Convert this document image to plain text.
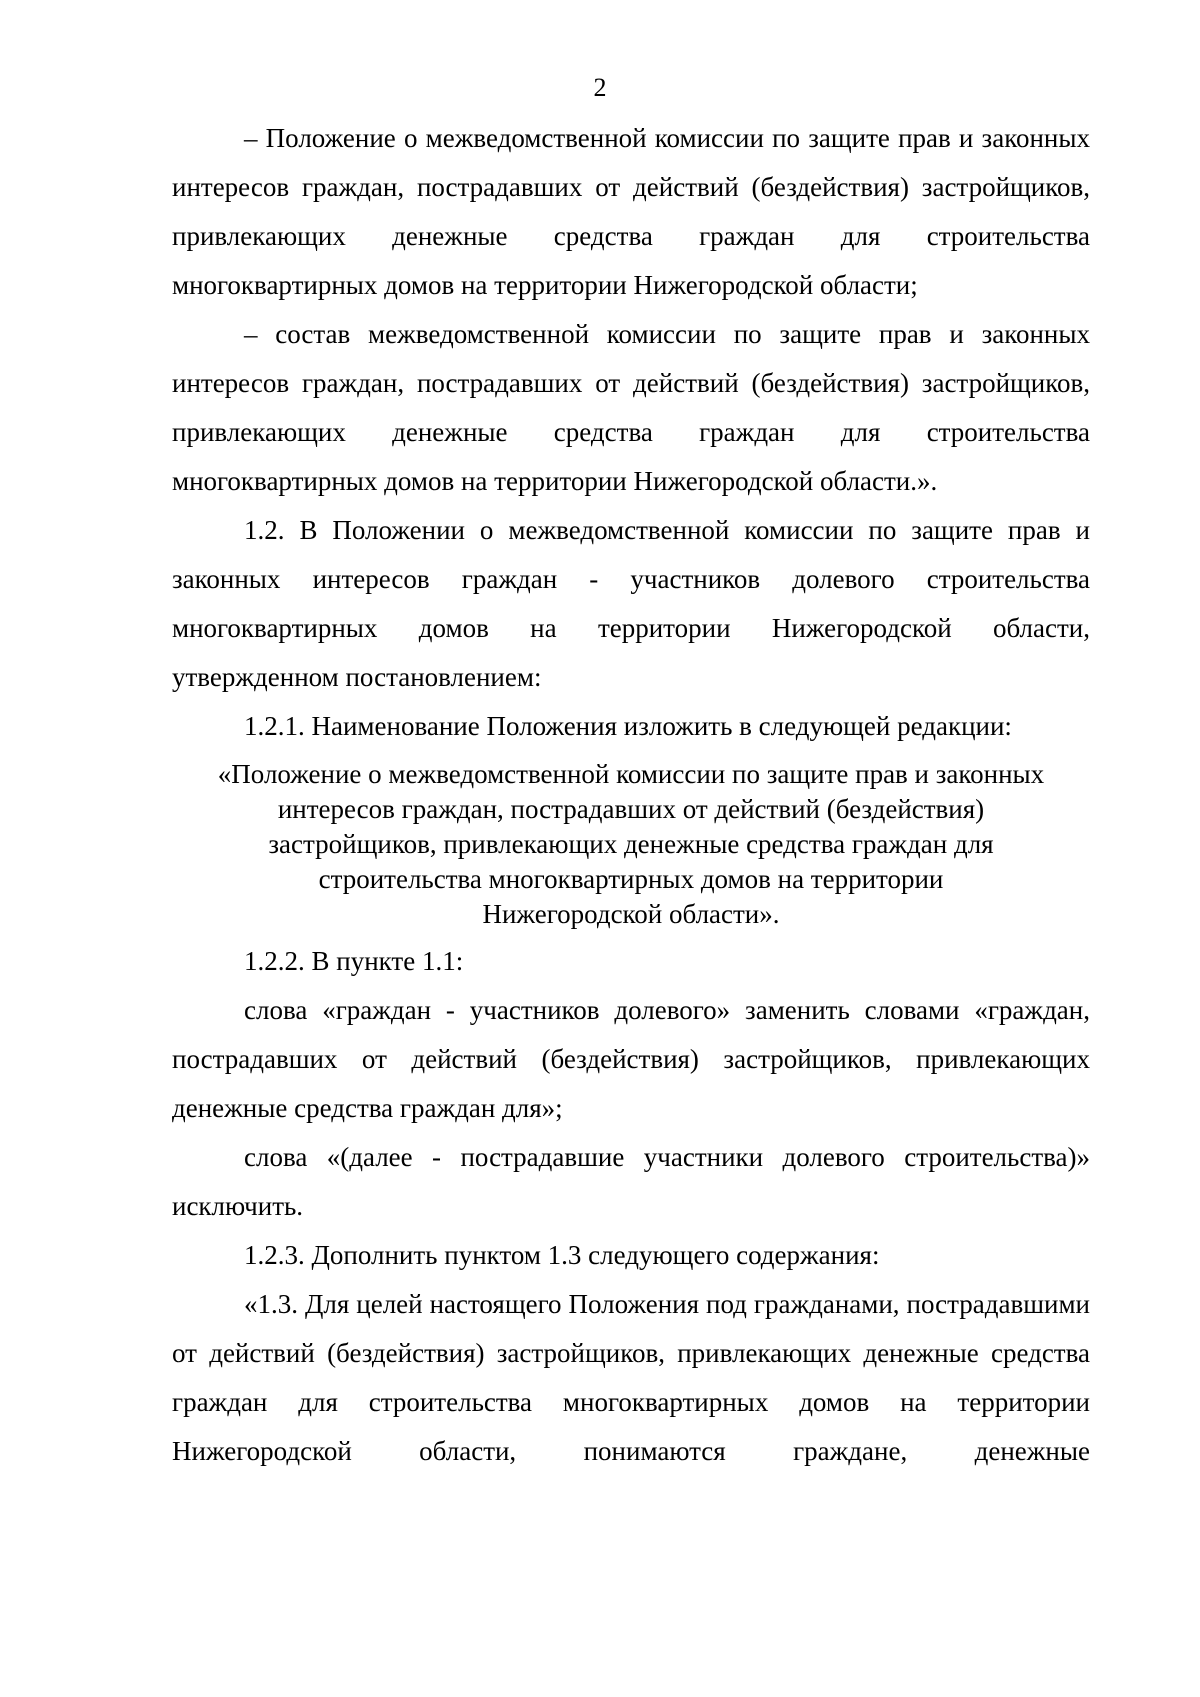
2

– Положение о межведомственной комиссии по защите прав и законных интересов граждан, пострадавших от действий (бездействия) застройщиков, привлекающих денежные средства граждан для строительства многоквартирных домов на территории Нижегородской области;

– состав межведомственной комиссии по защите прав и законных интересов граждан, пострадавших от действий (бездействия) застройщиков, привлекающих денежные средства граждан для строительства многоквартирных домов на территории Нижегородской области.».

1.2. В Положении о межведомственной комиссии по защите прав и законных интересов граждан - участников долевого строительства многоквартирных домов на территории Нижегородской области, утвержденном постановлением:

1.2.1. Наименование Положения изложить в следующей редакции:

«Положение о межведомственной комиссии по защите прав и законных
интересов граждан, пострадавших от действий (бездействия)
застройщиков, привлекающих денежные средства граждан для
строительства многоквартирных домов на территории
Нижегородской области».

1.2.2. В пункте 1.1:

слова «граждан - участников долевого» заменить словами «граждан, пострадавших от действий (бездействия) застройщиков, привлекающих денежные средства граждан для»;

слова «(далее - пострадавшие участники долевого строительства)» исключить.

1.2.3. Дополнить пунктом 1.3 следующего содержания:

«1.3. Для целей настоящего Положения под гражданами, пострадавшими от действий (бездействия) застройщиков, привлекающих денежные средства граждан для строительства многоквартирных домов на территории Нижегородской области, понимаются граждане, денежные
